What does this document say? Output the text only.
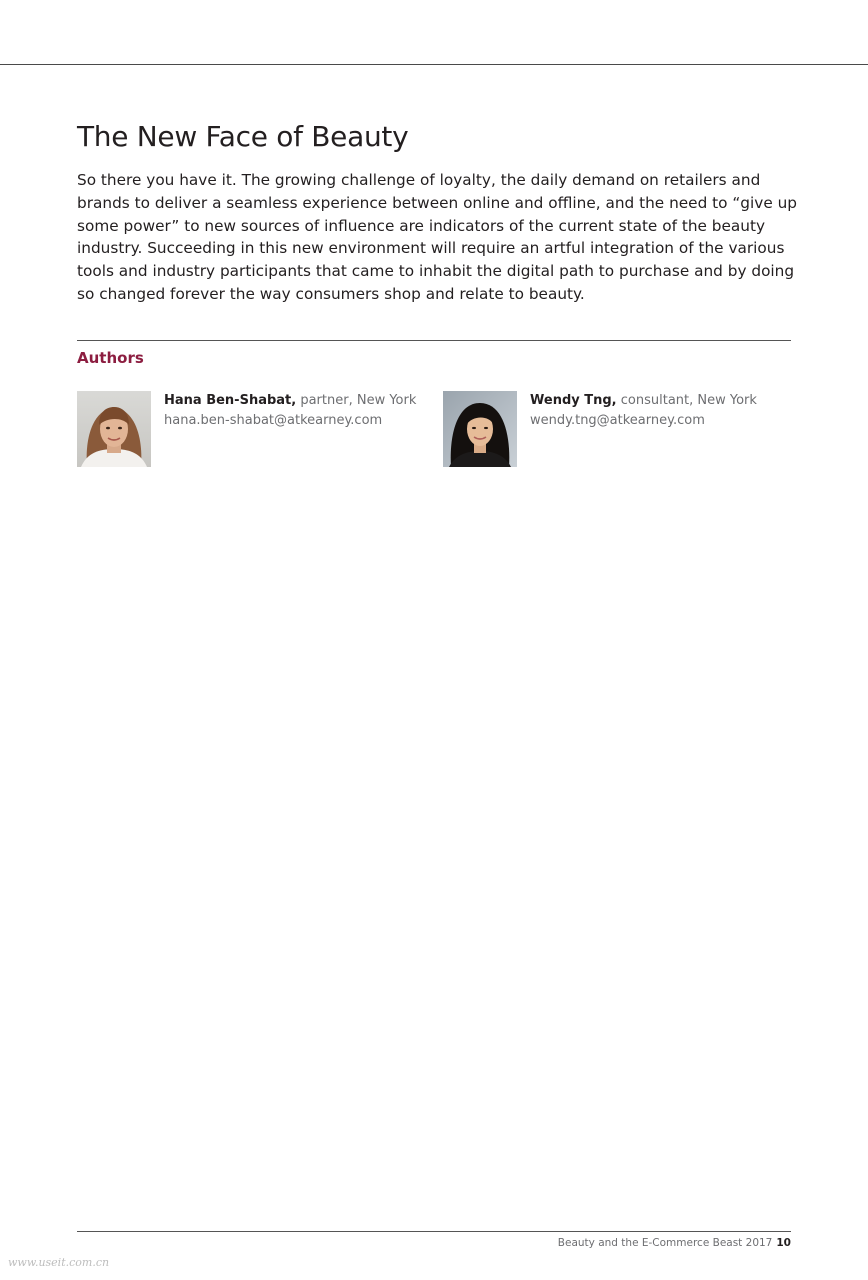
The New Face of Beauty

So there you have it. The growing challenge of loyalty, the daily demand on retailers and brands to deliver a seamless experience between online and offline, and the need to “give up some power” to new sources of influence are indicators of the current state of the beauty industry. Succeeding in this new environment will require an artful integration of the various tools and industry participants that came to inhabit the digital path to purchase and by doing so changed forever the way consumers shop and relate to beauty.

Authors
Hana Ben-Shabat, partner, New York
hana.ben-shabat@atkearney.com
Wendy Tng, consultant, New York
wendy.tng@atkearney.com
Beauty and the E-Commerce Beast 2017 10
www.useit.com.cn
